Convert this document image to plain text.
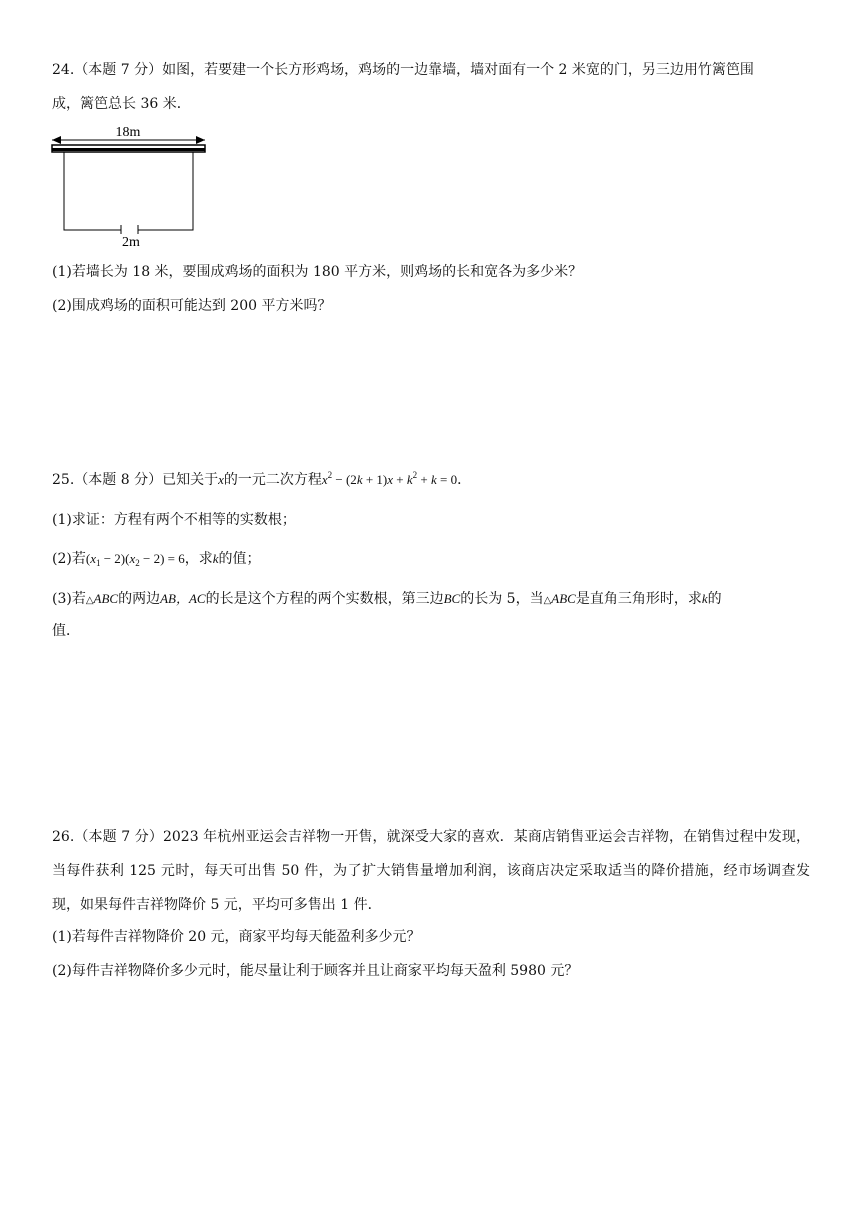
24.（本题 7 分）如图，若要建一个长方形鸡场，鸡场的一边靠墙，墙对面有一个 2 米宽的门，另三边用竹篱笆围
成，篱笆总长 36 米．
18m
2m
(1)若墙长为 18 米，要围成鸡场的面积为 180 平方米，则鸡场的长和宽各为多少米？
(2)围成鸡场的面积可能达到 200 平方米吗？
25.（本题 8 分）已知关于x的一元二次方程$x^2 - (2k + 1)x + k^2 + k = 0$．
(1)求证：方程有两个不相等的实数根；
(2)若$(x_1 - 2)(x_2 - 2) = 6$，求k的值；
(3)若△ABC的两边AB，AC的长是这个方程的两个实数根，第三边BC的长为 5，当△ABC是直角三角形时，求k的
值．
26.（本题 7 分）2023 年杭州亚运会吉祥物一开售，就深受大家的喜欢．某商店销售亚运会吉祥物，在销售过程中发现，当每件获利 125 元时，每天可出售 50 件，为了扩大销售量增加利润，该商店决定采取适当的降价措施，经市场调查发现，如果每件吉祥物降价 5 元，平均可多售出 1 件．
(1)若每件吉祥物降价 20 元，商家平均每天能盈利多少元？
(2)每件吉祥物降价多少元时，能尽量让利于顾客并且让商家平均每天盈利 5980 元？
